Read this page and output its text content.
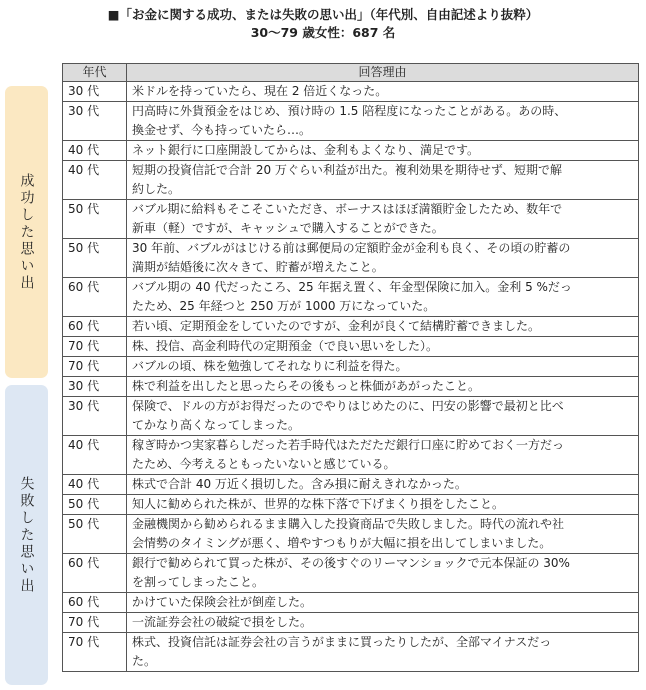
■「お金に関する成功、または失敗の思い出」（年代別、自由記述より抜粋）
30～79 歳女性：687 名
成功した思い出
失敗した思い出
年代	回答理由
30 代	米ドルを持っていたら、現在 2 倍近くなった。

30 代	円高時に外貨預金をはじめ、預け時の 1.5 陪程度になったことがある。あの時、
換金せず、今も持っていたら…。

40 代	ネット銀行に口座開設してからは、金利もよくなり、満足です。

40 代	短期の投資信託で合計 20 万ぐらい利益が出た。複利効果を期待せず、短期で解
約した。

50 代	バブル期に給料もそこそこいただき、ボーナスはほぼ満額貯金したため、数年で
新車（軽）ですが、キャッシュで購入することができた。

50 代	30 年前、バブルがはじける前は郵便局の定額貯金が金利も良く、その頃の貯蓄の
満期が結婚後に次々きて、貯蓄が増えたこと。

60 代	バブル期の 40 代だったころ、25 年据え置く、年金型保険に加入。金利 5 %だっ
たため、25 年経つと 250 万が 1000 万になっていた。

60 代	若い頃、定期預金をしていたのですが、金利が良くて結構貯蓄できました。

70 代	株、投信、高金利時代の定期預金（で良い思いをした）。

70 代	バブルの頃、株を勉強してそれなりに利益を得た。

30 代	株で利益を出したと思ったらその後もっと株価があがったこと。

30 代	保険で、ドルの方がお得だったのでやりはじめたのに、円安の影響で最初と比べ
てかなり高くなってしまった。

40 代	稼ぎ時かつ実家暮らしだった若手時代はただただ銀行口座に貯めておく一方だっ
たため、今考えるともったいないと感じている。

40 代	株式で合計 40 万近く損切した。含み損に耐えきれなかった。

50 代	知人に勧められた株が、世界的な株下落で下げまくり損をしたこと。

50 代	金融機関から勧められるまま購入した投資商品で失敗しました。時代の流れや社
会情勢のタイミングが悪く、増やすつもりが大幅に損を出してしまいました。

60 代	銀行で勧められて買った株が、その後すぐのリーマンショックで元本保証の 30%
を割ってしまったこと。

60 代	かけていた保険会社が倒産した。

70 代	一流証券会社の破綻で損をした。

70 代	株式、投資信託は証券会社の言うがままに買ったりしたが、全部マイナスだっ
た。
